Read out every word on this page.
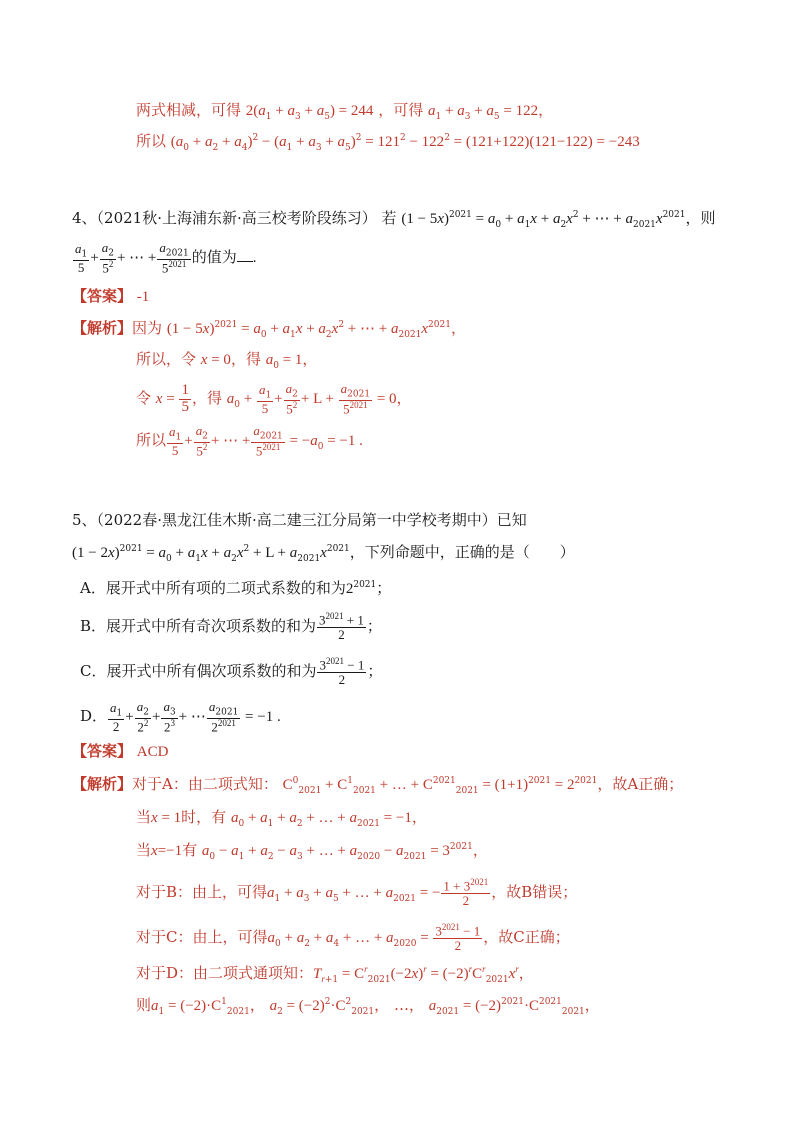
两式相减，可得 $2(a_1 + a_3 + a_5) = 244$ ，可得 $a_1 + a_3 + a_5 = 122$，
所以 $(a_0 + a_2 + a_4)^2 - (a_1 + a_3 + a_5)^2 = 121^2 - 122^2 = (121+122)(121-122) = -243$
4、（2021秋·上海浦东新·高三校考阶段练习） 若 $(1 - 5x)^{2021} = a_0 + a_1x + a_2x^2$ + ⋯ + $a_{2021}x^{2021}$，则
$\frac{a_1}{5} + \frac{a_2}{5^2}$ + ⋯ + $\frac{a_{2021}}{5^{2021}}$ 的值为 .
【答案】 -1
【解析】因为 $(1 - 5x)^{2021} = a_0 + a_1x + a_2x^2$ + ⋯ + $a_{2021}x^{2021}$，
所以，令 x = 0，得 $a_0 = 1$，
令 $x = \frac{1}{5}$ ，得 $a_0 + \frac{a_1}{5} + \frac{a_2}{5^2} + L + \frac{a_{2021}}{5^{2021}} = 0$，
所以 $\frac{a_1}{5} + \frac{a_2}{5^2}$ + ⋯ + $\frac{a_{2021}}{5^{2021}} = -a_0 = -1$ .
5、（2022春·黑龙江佳木斯·高二建三江分局第一中学校考期中）已知
$(1 - 2x)^{2021} = a_0 + a_1x + a_2x^2 + L + a_{2021}x^{2021}$，下列命题中，正确的是（　　）
A．展开式中所有项的二项式系数的和为$2^{2021}$；
B．展开式中所有奇次项系数的和为 $\frac{3^{2021} + 1}{2}$ ；
C．展开式中所有偶次项系数的和为 $\frac{3^{2021} - 1}{2}$ ；
D． $\frac{a_1}{2} + \frac{a_2}{2^2} + \frac{a_3}{2^3}$ + ⋯ $\frac{a_{2021}}{2^{2021}} = -1$ .
【答案】 ACD
【解析】对于A：由二项式知： $C^0_{2021} + C^1_{2021}$ + … + $C^{2021}_{2021} = (1+1)^{2021} = 2^{2021}$，故A正确；
当x = 1时，有 $a_0 + a_1 + a_2$ + … + $a_{2021} = -1$，
当x=−1有 $a_0 - a_1 + a_2 - a_3$ + … + $a_{2020} - a_{2021} = 3^{2021}$，
对于B：由上，可得$a_1 + a_3 + a_5$ + … + $a_{2021}$ = − $\frac{1 + 3^{2021}}{2}$ ，故B错误；
对于C：由上，可得$a_0 + a_2 + a_4$ + … + $a_{2020} = \frac{3^{2021} - 1}{2}$ ，故C正确；
对于D：由二项式通项知：$T_{r+1} = C^r_{2021}(-2x)^r = (-2)^rC^r_{2021}x^r$，
则$a_1 = (-2)\cdot C^1_{2021}$， $a_2 = (-2)^2\cdot C^2_{2021}$， …， $a_{2021} = (-2)^{2021}\cdot C^{2021}_{2021}$，
